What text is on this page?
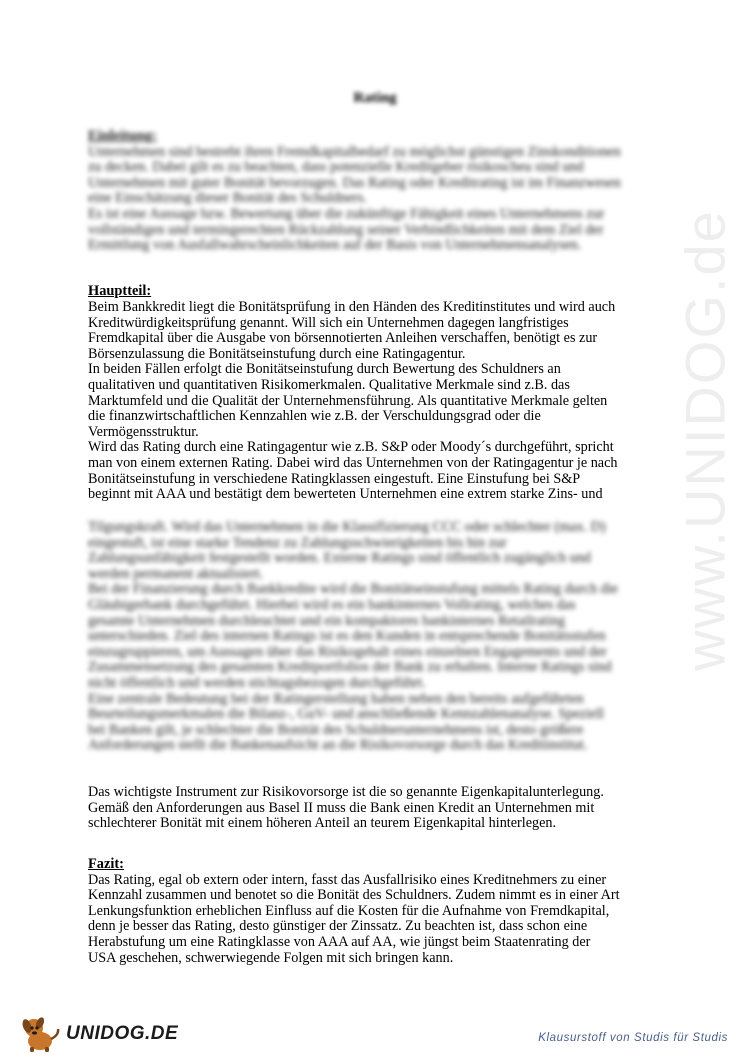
www.UNIDOG.de
Rating
Einleitung:
Unternehmen sind bestrebt ihren Fremdkapitalbedarf zu möglichst günstigen Zinskonditionen
zu decken. Dabei gilt es zu beachten, dass potenzielle Kreditgeber risikoscheu sind und
Unternehmen mit guter Bonität bevorzugen. Das Rating oder Kreditrating ist im Finanzwesen
eine Einschätzung dieser Bonität des Schuldners.
Es ist eine Aussage bzw. Bewertung über die zukünftige Fähigkeit eines Unternehmens zur
vollständigen und termingerechten Rückzahlung seiner Verbindlichkeiten mit dem Ziel der
Ermittlung von Ausfallwahrscheinlichkeiten auf der Basis von Unternehmensanalysen.
Hauptteil:
Beim Bankkredit liegt die Bonitätsprüfung in den Händen des Kreditinstitutes und wird auch
Kreditwürdigkeitsprüfung genannt. Will sich ein Unternehmen dagegen langfristiges
Fremdkapital über die Ausgabe von börsennotierten Anleihen verschaffen, benötigt es zur
Börsenzulassung die Bonitätseinstufung durch eine Ratingagentur.
In beiden Fällen erfolgt die Bonitätseinstufung durch Bewertung des Schuldners an
qualitativen und quantitativen Risikomerkmalen. Qualitative Merkmale sind z.B. das
Marktumfeld und die Qualität der Unternehmensführung. Als quantitative Merkmale gelten
die finanzwirtschaftlichen Kennzahlen wie z.B. der Verschuldungsgrad oder die
Vermögensstruktur.
Wird das Rating durch eine Ratingagentur wie z.B. S&P oder Moody´s durchgeführt, spricht
man von einem externen Rating. Dabei wird das Unternehmen von der Ratingagentur je nach
Bonitätseinstufung in verschiedene Ratingklassen eingestuft. Eine Einstufung bei S&P
beginnt mit AAA und bestätigt dem bewerteten Unternehmen eine extrem starke Zins- und
Tilgungskraft. Wird das Unternehmen in die Klassifizierung CCC oder schlechter (max. D)
eingestuft, ist eine starke Tendenz zu Zahlungsschwierigkeiten bis hin zur
Zahlungsunfähigkeit festgestellt worden. Externe Ratings sind öffentlich zugänglich und
werden permanent aktualisiert.
Bei der Finanzierung durch Bankkredite wird die Bonitätseinstufung mittels Rating durch die
Gläubigerbank durchgeführt. Hierbei wird es ein bankinternes Vollrating, welches das
gesamte Unternehmen durchleuchtet und ein kompaktores bankinternes Retailrating
unterschieden. Ziel des internen Ratings ist es den Kunden in entsprechende Bonitätsstufen
einzugruppieren, um Aussagen über das Risikogehalt eines einzelnen Engagements und der
Zusammensetzung des gesamten Kreditportfolios der Bank zu erhalten. Interne Ratings sind
nicht öffentlich und werden stichtagsbezogen durchgeführt.
Eine zentrale Bedeutung bei der Ratingerstellung haben neben den bereits aufgeführten
Beurteilungsmerkmalen die Bilanz-, GuV- und anschließende Kennzahlenanalyse. Speziell
bei Banken gilt, je schlechter die Bonität des Schuldnerunternehmens ist, desto größere
Anforderungen stellt die Bankenaufsicht an die Risikovorsorge durch das Kreditinstitut.
Das wichtigste Instrument zur Risikovorsorge ist die so genannte Eigenkapitalunterlegung.
Gemäß den Anforderungen aus Basel II muss die Bank einen Kredit an Unternehmen mit
schlechterer Bonität mit einem höheren Anteil an teurem Eigenkapital hinterlegen.
Fazit:
Das Rating, egal ob extern oder intern, fasst das Ausfallrisiko eines Kreditnehmers zu einer
Kennzahl zusammen und benotet so die Bonität des Schuldners. Zudem nimmt es in einer Art
Lenkungsfunktion erheblichen Einfluss auf die Kosten für die Aufnahme von Fremdkapital,
denn je besser das Rating, desto günstiger der Zinssatz. Zu beachten ist, dass schon eine
Herabstufung um eine Ratingklasse von AAA auf AA, wie jüngst beim Staatenrating der
USA geschehen, schwerwiegende Folgen mit sich bringen kann.
UNIDOG.DE	Klausurstoff von Studis für Studis
